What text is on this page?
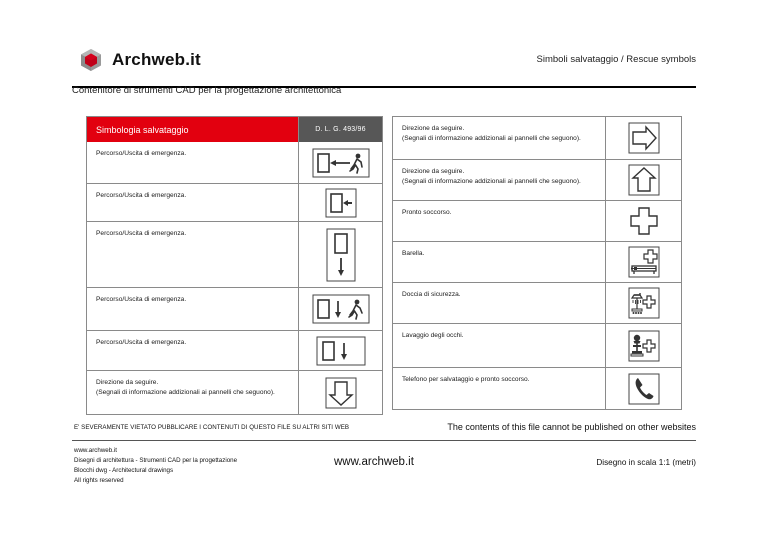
Archweb.it	Simboli salvataggio / Rescue symbols
Contenitore di strumenti CAD per la progettazione architettonica
Simbologia salvataggio	D. L. G. 493/96
Percorso/Uscita di emergenza.
Percorso/Uscita di emergenza.
Percorso/Uscita di emergenza.
Percorso/Uscita di emergenza.
Percorso/Uscita di emergenza.
Direzione da seguire.
(Segnali di informazione addizionali ai pannelli che seguono).
Direzione da seguire.
(Segnali di informazione addizionali ai pannelli che seguono).
Direzione da seguire.
(Segnali di informazione addizionali ai pannelli che seguono).
Pronto soccorso.
Barella.
Doccia di sicurezza.
Lavaggio degli occhi.
Telefono per salvataggio e pronto soccorso.
E' SEVERAMENTE VIETATO PUBBLICARE I CONTENUTI DI QUESTO FILE SU ALTRI SITI WEB	The contents of this file cannot be published on other websites
www.archweb.it
Disegni di architettura - Strumenti CAD per la progettazione
Blocchi dwg - Architectural drawings
All rights reserved
www.archweb.it	Disegno in scala 1:1 (metri)
